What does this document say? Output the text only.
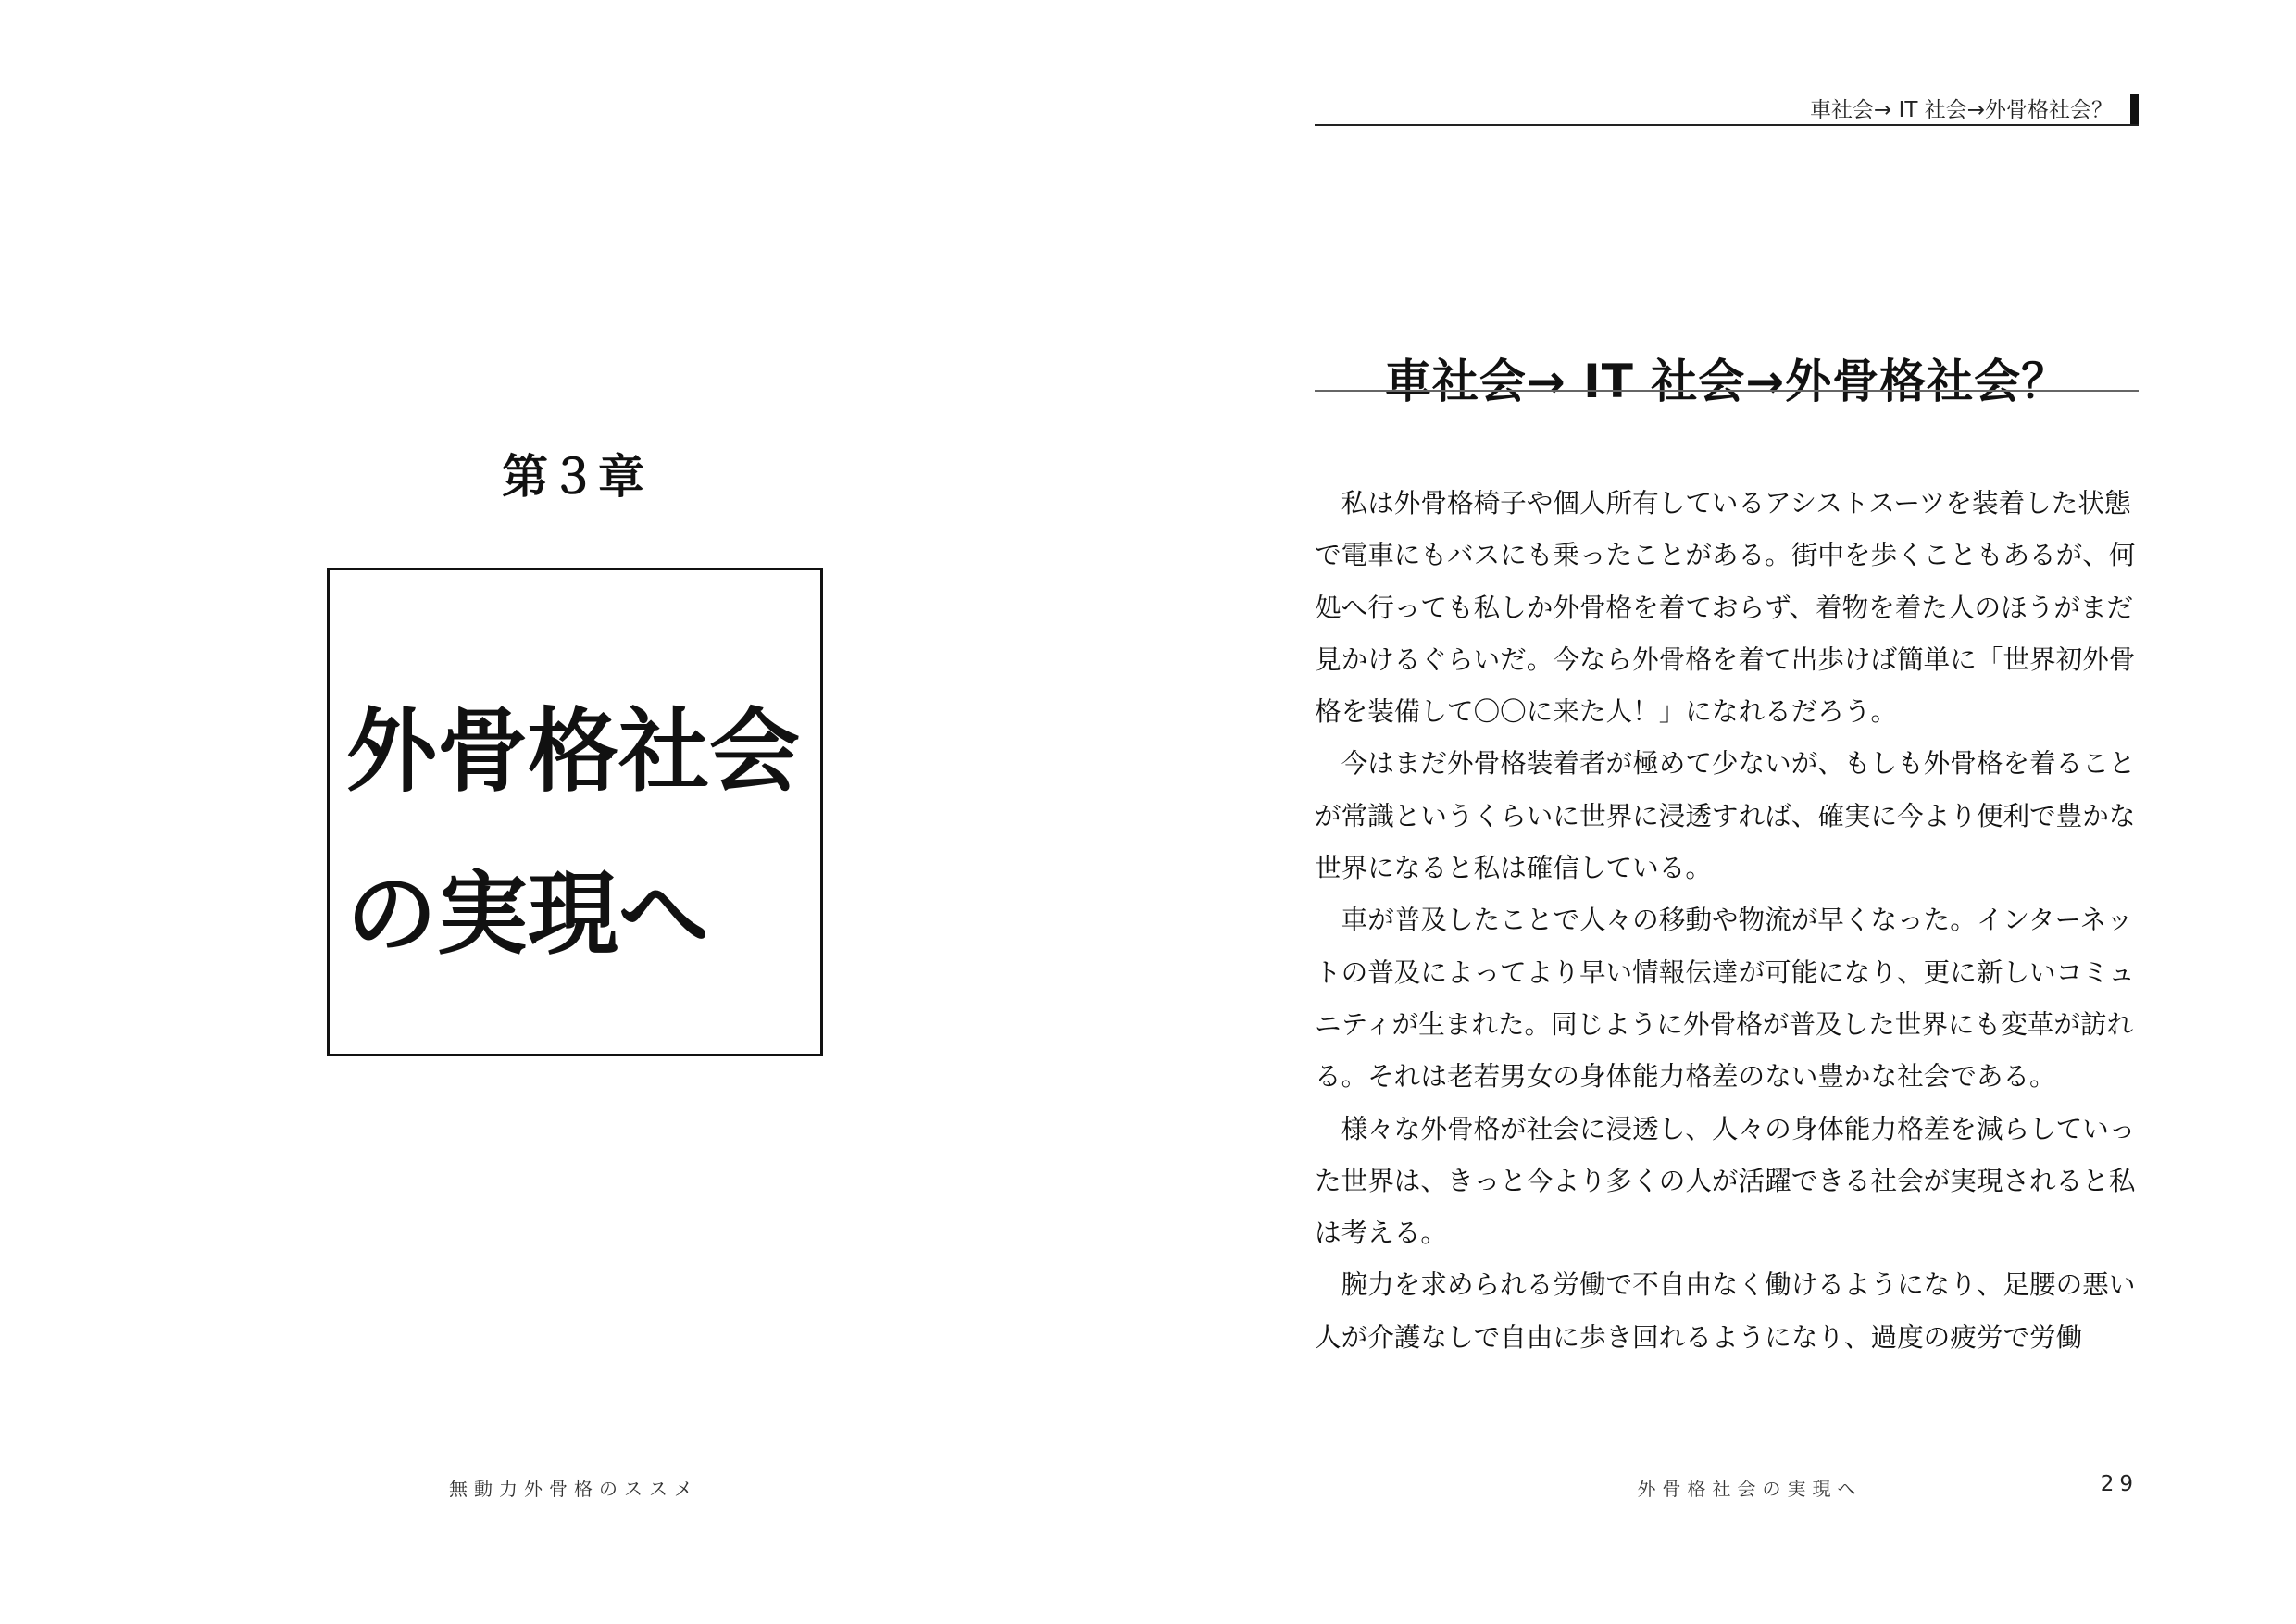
第３章
外骨格社会
の実現へ
無動力外骨格のススメ
車社会→ IT 社会→外骨格社会？
車社会→ IT 社会→外骨格社会？

私は外骨格椅子や個人所有しているアシストスーツを装着した状態で電車にもバスにも乗ったことがある。街中を歩くこともあるが、何処へ行っても私しか外骨格を着ておらず、着物を着た人のほうがまだ見かけるぐらいだ。今なら外骨格を着て出歩けば簡単に「世界初外骨格を装備して〇〇に来た人！」になれるだろう。

今はまだ外骨格装着者が極めて少ないが、もしも外骨格を着ることが常識というくらいに世界に浸透すれば、確実に今より便利で豊かな世界になると私は確信している。

車が普及したことで人々の移動や物流が早くなった。インターネットの普及によってより早い情報伝達が可能になり、更に新しいコミュニティが生まれた。同じように外骨格が普及した世界にも変革が訪れる。それは老若男女の身体能力格差のない豊かな社会である。

様々な外骨格が社会に浸透し、人々の身体能力格差を減らしていった世界は、きっと今より多くの人が活躍できる社会が実現されると私は考える。

腕力を求められる労働で不自由なく働けるようになり、足腰の悪い人が介護なしで自由に歩き回れるようになり、過度の疲労で労働

外骨格社会の実現へ	29
